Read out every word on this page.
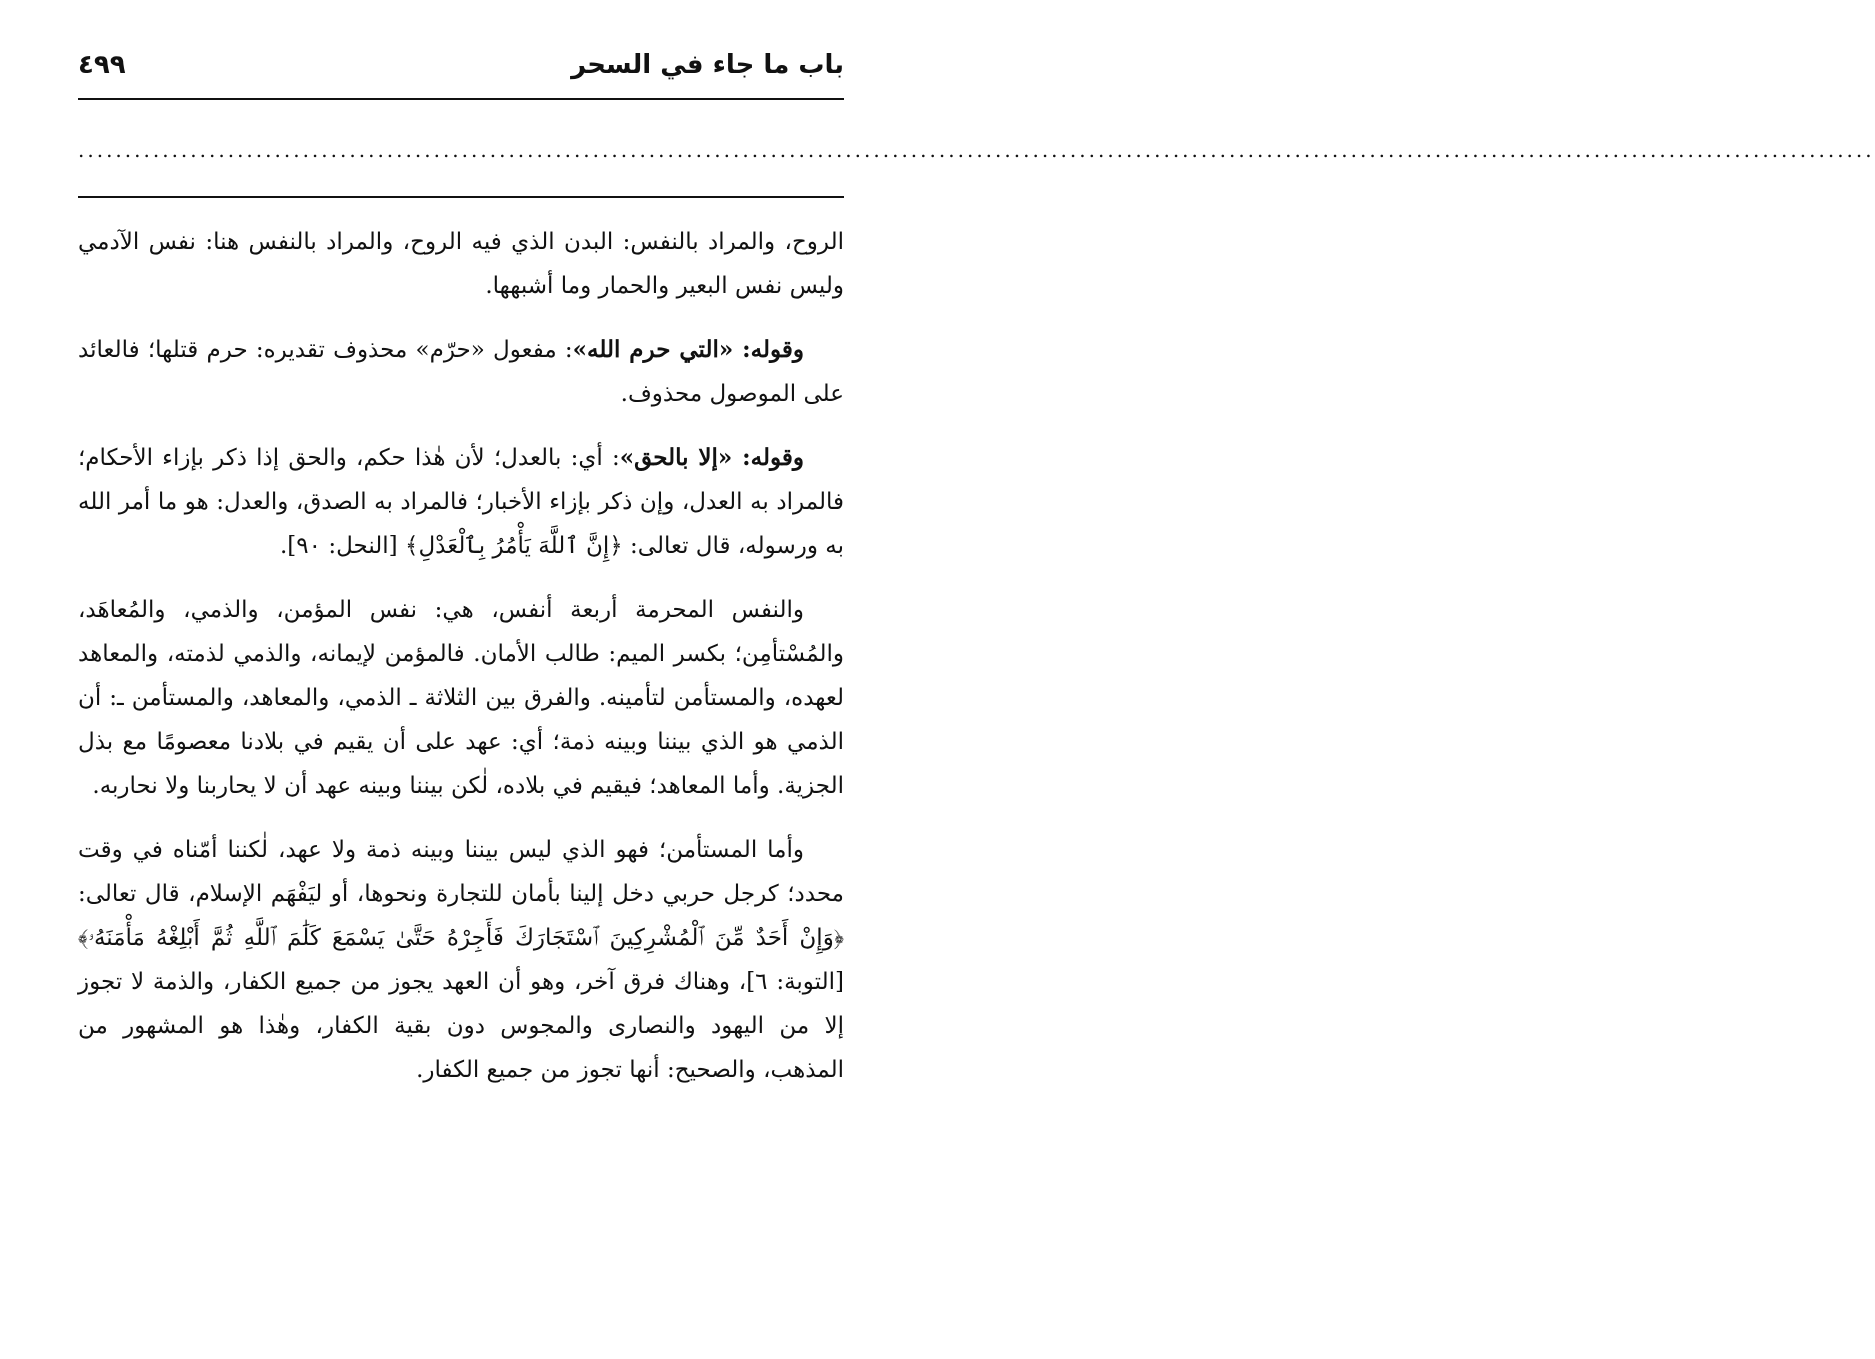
باب ما جاء في السحر
٤٩٩
................................................................................................................................................................................................

الروح، والمراد بالنفس: البدن الذي فيه الروح، والمراد بالنفس هنا: نفس الآدمي وليس نفس البعير والحمار وما أشبهها.

وقوله: «التي حرم الله»: مفعول «حرّم» محذوف تقديره: حرم قتلها؛ فالعائد على الموصول محذوف.

وقوله: «إلا بالحق»: أي: بالعدل؛ لأن هٰذا حكم، والحق إذا ذكر بإزاء الأحكام؛ فالمراد به العدل، وإن ذكر بإزاء الأخبار؛ فالمراد به الصدق، والعدل: هو ما أمر الله به ورسوله، قال تعالى: ﴿إِنَّ ٱللَّهَ يَأْمُرُ بِٱلْعَدْلِ﴾ [النحل: ٩٠].

والنفس المحرمة أربعة أنفس، هي: نفس المؤمن، والذمي، والمُعاهَد، والمُسْتأمِن؛ بكسر الميم: طالب الأمان. فالمؤمن لإيمانه، والذمي لذمته، والمعاهد لعهده، والمستأمن لتأمينه. والفرق بين الثلاثة ـ الذمي، والمعاهد، والمستأمن ـ: أن الذمي هو الذي بيننا وبينه ذمة؛ أي: عهد على أن يقيم في بلادنا معصومًا مع بذل الجزية. وأما المعاهد؛ فيقيم في بلاده، لٰكن بيننا وبينه عهد أن لا يحاربنا ولا نحاربه.

وأما المستأمن؛ فهو الذي ليس بيننا وبينه ذمة ولا عهد، لٰكننا أمّناه في وقت محدد؛ كرجل حربي دخل إلينا بأمان للتجارة ونحوها، أو ليَفْهَم الإسلام، قال تعالى: ﴿وَإِنْ أَحَدٌ مِّنَ ٱلْمُشْرِكِينَ ٱسْتَجَارَكَ فَأَجِرْهُ حَتَّىٰ يَسْمَعَ كَلَٰمَ ٱللَّهِ ثُمَّ أَبْلِغْهُ مَأْمَنَهُۥ﴾ [التوبة: ٦]، وهناك فرق آخر، وهو أن العهد يجوز من جميع الكفار، والذمة لا تجوز إلا من اليهود والنصارى والمجوس دون بقية الكفار، وهٰذا هو المشهور من المذهب، والصحيح: أنها تجوز من جميع الكفار.
